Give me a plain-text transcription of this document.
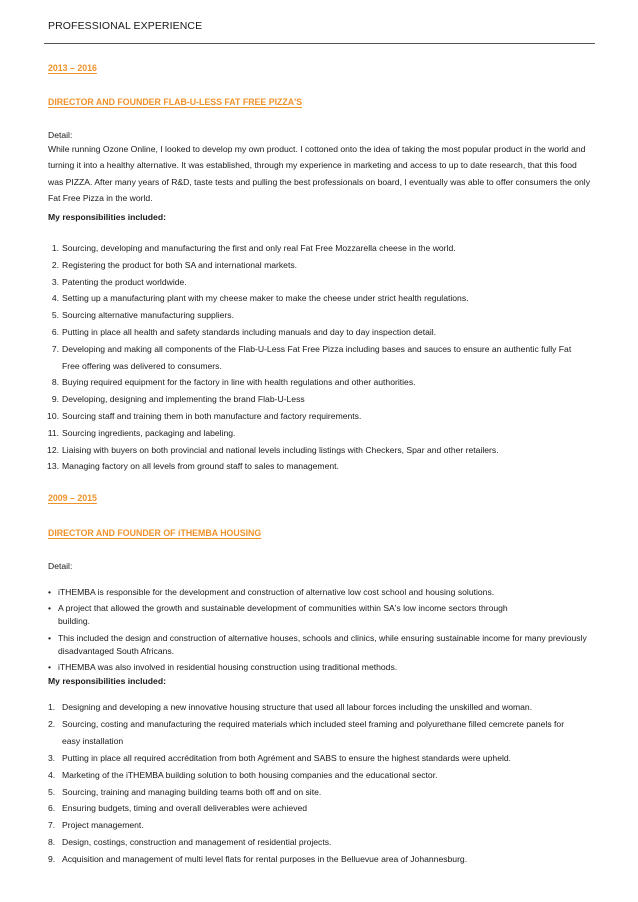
PROFESSIONAL EXPERIENCE
2013 – 2016
DIRECTOR AND FOUNDER FLAB-U-LESS FAT FREE PIZZA'S
Detail:
While running Ozone Online, I looked to develop my own product. I cottoned onto the idea of taking the most popular product in the world and turning it into a healthy alternative. It was established, through my experience in marketing and access to up to date research, that this food was PIZZA. After many years of R&D, taste tests and pulling the best professionals on board, I eventually was able to offer consumers the only Fat Free Pizza in the world.
My responsibilities included:
1. Sourcing, developing and manufacturing the first and only real Fat Free Mozzarella cheese in the world.
2. Registering the product for both SA and international markets.
3. Patenting the product worldwide.
4. Setting up a manufacturing plant with my cheese maker to make the cheese under strict health regulations.
5. Sourcing alternative manufacturing suppliers.
6. Putting in place all health and safety standards including manuals and day to day inspection detail.
7. Developing and making all components of the Flab-U-Less Fat Free Pizza including bases and sauces to ensure an authentic fully Fat Free offering was delivered to consumers.
8. Buying required equipment for the factory in line with health regulations and other authorities.
9. Developing, designing and implementing the brand Flab-U-Less
10. Sourcing staff and training them in both manufacture and factory requirements.
11. Sourcing ingredients, packaging and labeling.
12. Liaising with buyers on both provincial and national levels including listings with Checkers, Spar and other retailers.
13. Managing factory on all levels from ground staff to sales to management.
2009 – 2015
DIRECTOR AND FOUNDER OF iTHEMBA HOUSING
Detail:
• iTHEMBA is responsible for the development and construction of alternative low cost school and housing solutions.
• A project that allowed the growth and sustainable development of communities within SA's low income sectors through building.
• This included the design and construction of alternative houses, schools and clinics, while ensuring sustainable income for many previously disadvantaged South Africans.
• iTHEMBA was also involved in residential housing construction using traditional methods.
My responsibilities included:
1. Designing and developing a new innovative housing structure that used all labour forces including the unskilled and woman.
2. Sourcing, costing and manufacturing the required materials which included steel framing and polyurethane filled cemcrete panels for easy installation
3. Putting in place all required accréditation from both Agrément and SABS to ensure the highest standards were upheld.
4. Marketing of the iTHEMBA building solution to both housing companies and the educational sector.
5. Sourcing, training and managing building teams both off and on site.
6. Ensuring budgets, timing and overall deliverables were achieved
7. Project management.
8. Design, costings, construction and management of residential projects.
9. Acquisition and management of multi level flats for rental purposes in the Belluevue area of Johannesburg.
